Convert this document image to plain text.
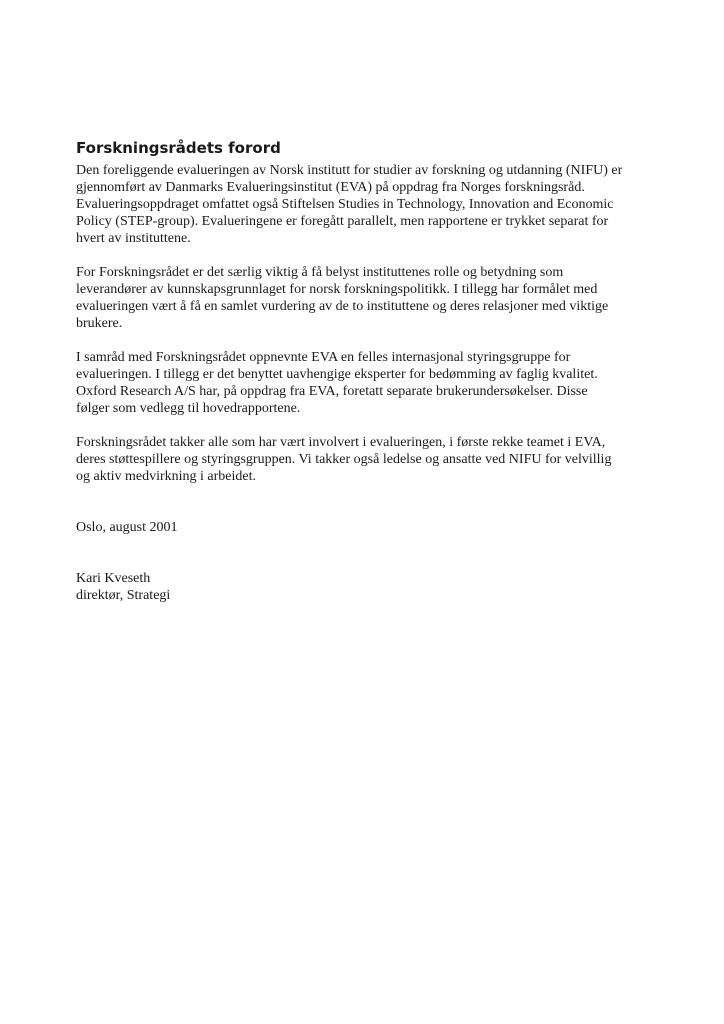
Forskningsrådets forord

Den foreliggende evalueringen av Norsk institutt for studier av forskning og utdanning (NIFU) er
gjennomført av Danmarks Evalueringsinstitut (EVA) på oppdrag fra Norges forskningsråd.
Evalueringsoppdraget omfattet også Stiftelsen Studies in Technology, Innovation and Economic
Policy (STEP-group). Evalueringene er foregått parallelt, men rapportene er trykket separat for
hvert av instituttene.

For Forskningsrådet er det særlig viktig å få belyst instituttenes rolle og betydning som
leverandører av kunnskapsgrunnlaget for norsk forskningspolitikk. I tillegg har formålet med
evalueringen vært å få en samlet vurdering av de to instituttene og deres relasjoner med viktige
brukere.

I samråd med Forskningsrådet oppnevnte EVA en felles internasjonal styringsgruppe for
evalueringen. I tillegg er det benyttet uavhengige eksperter for bedømming av faglig kvalitet.
Oxford Research A/S har, på oppdrag fra EVA, foretatt separate brukerundersøkelser. Disse
følger som vedlegg til hovedrapportene.

Forskningsrådet takker alle som har vært involvert i evalueringen, i første rekke teamet i EVA,
deres støttespillere og styringsgruppen. Vi takker også ledelse og ansatte ved NIFU for velvillig
og aktiv medvirkning i arbeidet.

Oslo, august 2001
Kari Kveseth
direktør, Strategi
